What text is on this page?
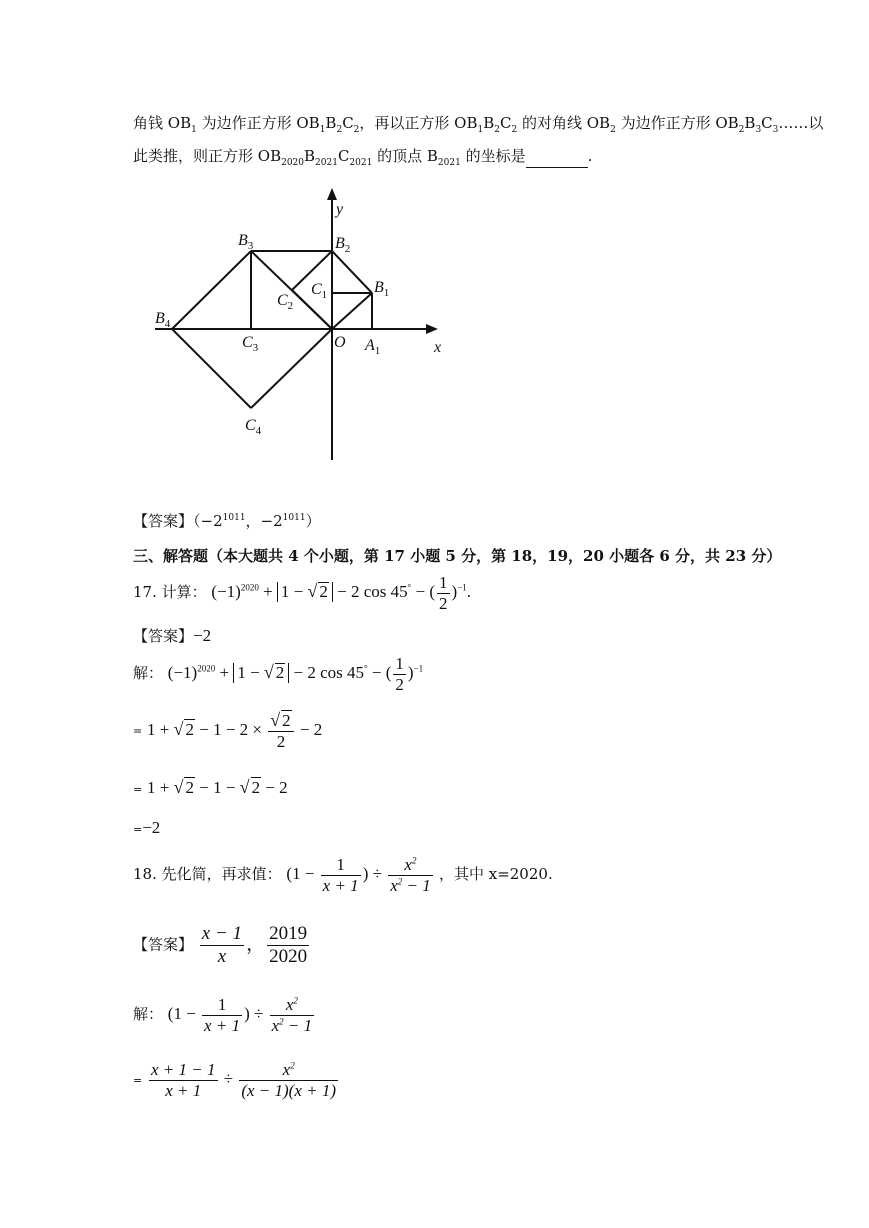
角钱 $OB_1$ 为边作正方形 $OB_1B_2C_2$，再以正方形 $OB_1B_2C_2$ 的对角线 $OB_2$ 为边作正方形 $OB_2B_3C_3\dots\dots$以
此类推，则正方形 $OB_{2020}B_{2021}C_{2021}$ 的顶点 $B_{2021}$ 的坐标是	.
y
x
O
$B_1$
$B_2$
$B_3$
$B_4$
$C_1$
$C_2$
$C_3$
$C_4$
$A_1$
【答案】（$-2^{1011}$，$-2^{1011}$）
三、解答题（本大题共 4 个小题，第 17 小题 5 分，第 18，19，20 小题各 6 分，共 23 分）
17. 计算： $(-1)^{2020} + 1$ − √ 2 − 2 cos 45° − ( $\frac{1}{2} )^{-1}$.
【答案】−2
解： $(-1)^{2020} + 1$ − √ 2 − 2 cos 45° − ( $\frac{1}{2} )^{-1}$
= 1 + √ $2 - 1 - 2 \times \frac{√ 2}{2} - 2$
= 1 + √ 2 − 1 − √ 2 − 2
=−2
18. 先化简，再求值： ($1 - \frac{1}{x + 1}$ ) ÷ $\frac{x^2}{x^2 - 1}$ ，其中 x=2020.
【答案】 $\frac{x - 1}{x}$ ， $\frac{2019}{2020}$
解： ($1 - \frac{1}{x + 1}$ ) ÷ $\frac{x^2}{x^2 - 1}$
= $\frac{x + 1 - 1}{x + 1} \div \frac{x^2}{(x - 1)(x + 1)}$
